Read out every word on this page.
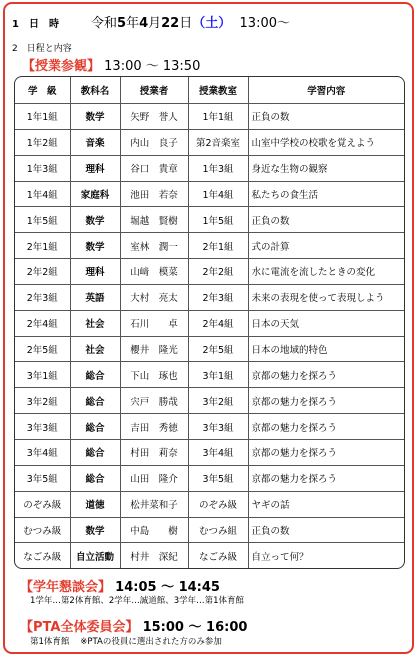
1　日　時 令和5年4月22日（土） 13:00～
2　日程と内容
【授業参観】 13:00 ～ 13:50
学　級	教科名	授業者	授業教室	学習内容
1年1組	数学	矢野　誉人	1年1組	正負の数
1年2組	音楽	内山　良子	第2音楽室	山室中学校の校歌を覚えよう
1年3組	理科	谷口　貴章	1年3組	身近な生物の観察
1年4組	家庭科	池田　若奈	1年4組	私たちの食生活
1年5組	数学	堀越　賢樹	1年5組	正負の数
2年1組	数学	室林　潤一	2年1組	式の計算
2年2組	理科	山﨑　模菜	2年2組	水に電流を流したときの変化
2年3組	英語	大村　亮太	2年3組	未来の表現を使って表現しよう
2年4組	社会	石川　　卓	2年4組	日本の天気
2年5組	社会	櫻井　隆光	2年5組	日本の地域的特色
3年1組	総合	下山　琢也	3年1組	京都の魅力を探ろう
3年2組	総合	宍戸　勝哉	3年2組	京都の魅力を探ろう
3年3組	総合	吉田　秀徳	3年3組	京都の魅力を探ろう
3年4組	総合	村田　莉奈	3年4組	京都の魅力を探ろう
3年5組	総合	山田　隆介	3年5組	京都の魅力を探ろう
のぞみ級	道徳	松井菜和子	のぞみ級	ヤギの話
むつみ級	数学	中島　　樹	むつみ組	正負の数
なごみ級	自立活動	村井　深紀	なごみ級	自立って何？
【学年懇談会】 14:05 ～ 14:45
1学年…第2体育館、2学年…誠道館、3学年…第1体育館
【PTA全体委員会】 15:00 ～ 16:00
第1体育館 ※PTAの役員に選出された方のみ参加
